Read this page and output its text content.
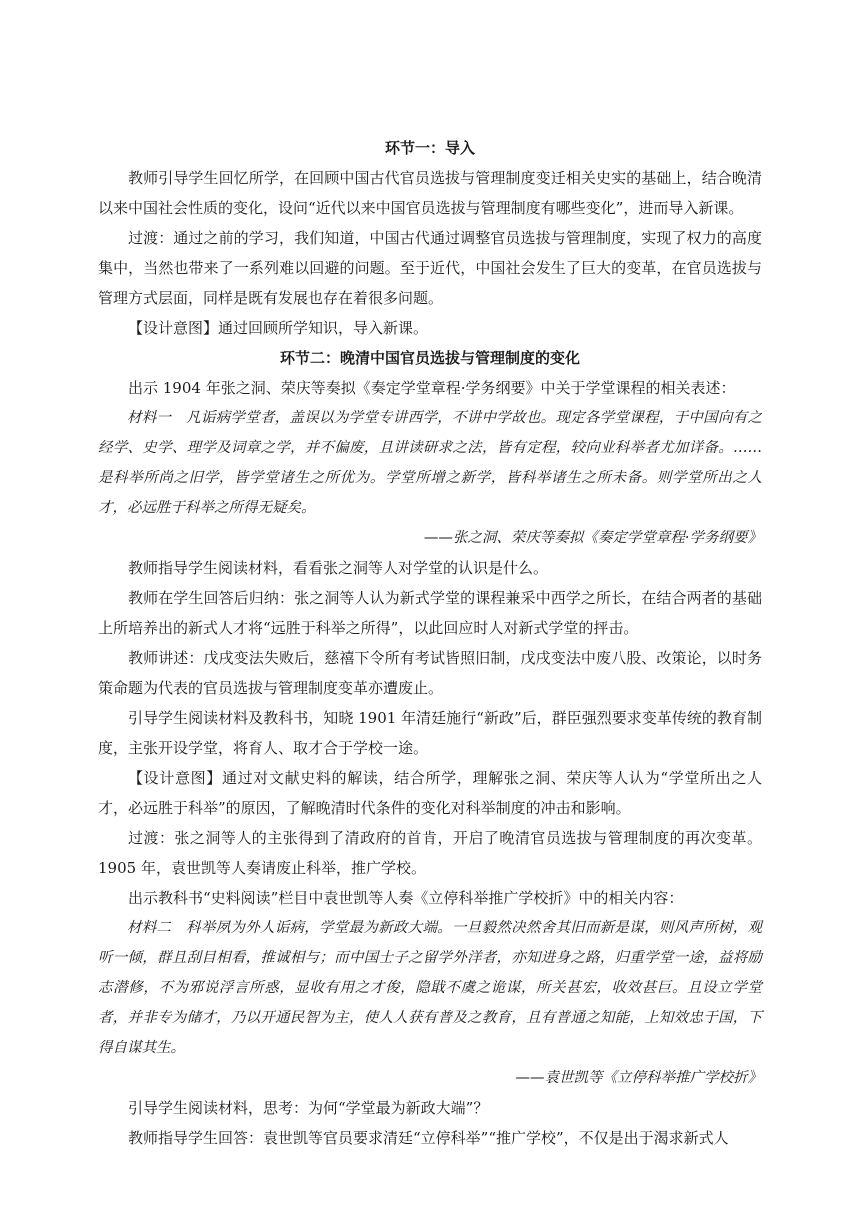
环节一：导入

教师引导学生回忆所学，在回顾中国古代官员选拔与管理制度变迁相关史实的基础上，结合晚清以来中国社会性质的变化，设问“近代以来中国官员选拔与管理制度有哪些变化”，进而导入新课。

过渡：通过之前的学习，我们知道，中国古代通过调整官员选拔与管理制度，实现了权力的高度集中，当然也带来了一系列难以回避的问题。至于近代，中国社会发生了巨大的变革，在官员选拔与管理方式层面，同样是既有发展也存在着很多问题。

【设计意图】通过回顾所学知识，导入新课。

环节二：晚清中国官员选拔与管理制度的变化

出示 1904 年张之洞、荣庆等奏拟《奏定学堂章程·学务纲要》中关于学堂课程的相关表述：

材料一　凡诟病学堂者，盖误以为学堂专讲西学，不讲中学故也。现定各学堂课程，于中国向有之经学、史学、理学及词章之学，并不偏废，且讲读研求之法，皆有定程，较向业科举者尤加详备。……是科举所尚之旧学，皆学堂诸生之所优为。学堂所增之新学，皆科举诸生之所未备。则学堂所出之人才，必远胜于科举之所得无疑矣。

——张之洞、荣庆等奏拟《奏定学堂章程·学务纲要》

教师指导学生阅读材料，看看张之洞等人对学堂的认识是什么。

教师在学生回答后归纳：张之洞等人认为新式学堂的课程兼采中西学之所长，在结合两者的基础上所培养出的新式人才将“远胜于科举之所得”，以此回应时人对新式学堂的抨击。

教师讲述：戊戌变法失败后，慈禧下令所有考试皆照旧制，戊戌变法中废八股、改策论，以时务策命题为代表的官员选拔与管理制度变革亦遭废止。

引导学生阅读材料及教科书，知晓 1901 年清廷施行“新政”后，群臣强烈要求变革传统的教育制度，主张开设学堂，将育人、取才合于学校一途。

【设计意图】通过对文献史料的解读，结合所学，理解张之洞、荣庆等人认为“学堂所出之人才，必远胜于科举”的原因，了解晚清时代条件的变化对科举制度的冲击和影响。

过渡：张之洞等人的主张得到了清政府的首肯，开启了晚清官员选拔与管理制度的再次变革。1905 年，袁世凯等人奏请废止科举，推广学校。

出示教科书“史料阅读”栏目中袁世凯等人奏《立停科举推广学校折》中的相关内容：

材料二　科举夙为外人诟病，学堂最为新政大端。一旦毅然决然舍其旧而新是谋，则风声所树，观听一倾，群且刮目相看，推诚相与；而中国士子之留学外洋者，亦知进身之路，归重学堂一途，益将励志潜修，不为邪说浮言所惑，显收有用之才俊，隐戢不虞之诡谋，所关甚宏，收效甚巨。且设立学堂者，并非专为储才，乃以开通民智为主，使人人获有普及之教育，且有普通之知能，上知效忠于国，下得自谋其生。

——袁世凯等《立停科举推广学校折》

引导学生阅读材料，思考：为何“学堂最为新政大端”？

教师指导学生回答：袁世凯等官员要求清廷“立停科举”“推广学校”，不仅是出于渴求新式人
